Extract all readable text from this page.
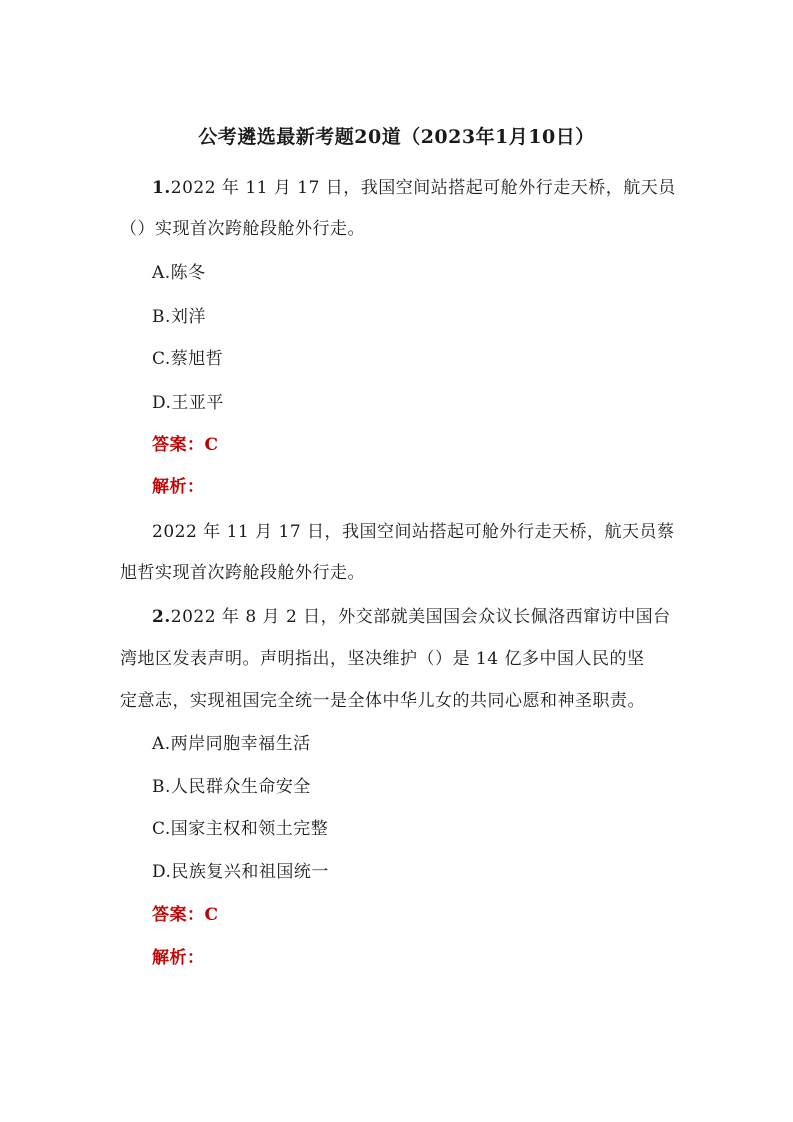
公考遴选最新考题20道（2023年1月10日）
1.2022 年 11 月 17 日，我国空间站搭起可舱外行走天桥，航天员
（）实现首次跨舱段舱外行走。
A.陈冬
B.刘洋
C.蔡旭哲
D.王亚平
答案：C
解析：
2022 年 11 月 17 日，我国空间站搭起可舱外行走天桥，航天员蔡
旭哲实现首次跨舱段舱外行走。
2.2022 年 8 月 2 日，外交部就美国国会众议长佩洛西窜访中国台
湾地区发表声明。声明指出，坚决维护（）是 14 亿多中国人民的坚
定意志，实现祖国完全统一是全体中华儿女的共同心愿和神圣职责。
A.两岸同胞幸福生活
B.人民群众生命安全
C.国家主权和领土完整
D.民族复兴和祖国统一
答案：C
解析：
